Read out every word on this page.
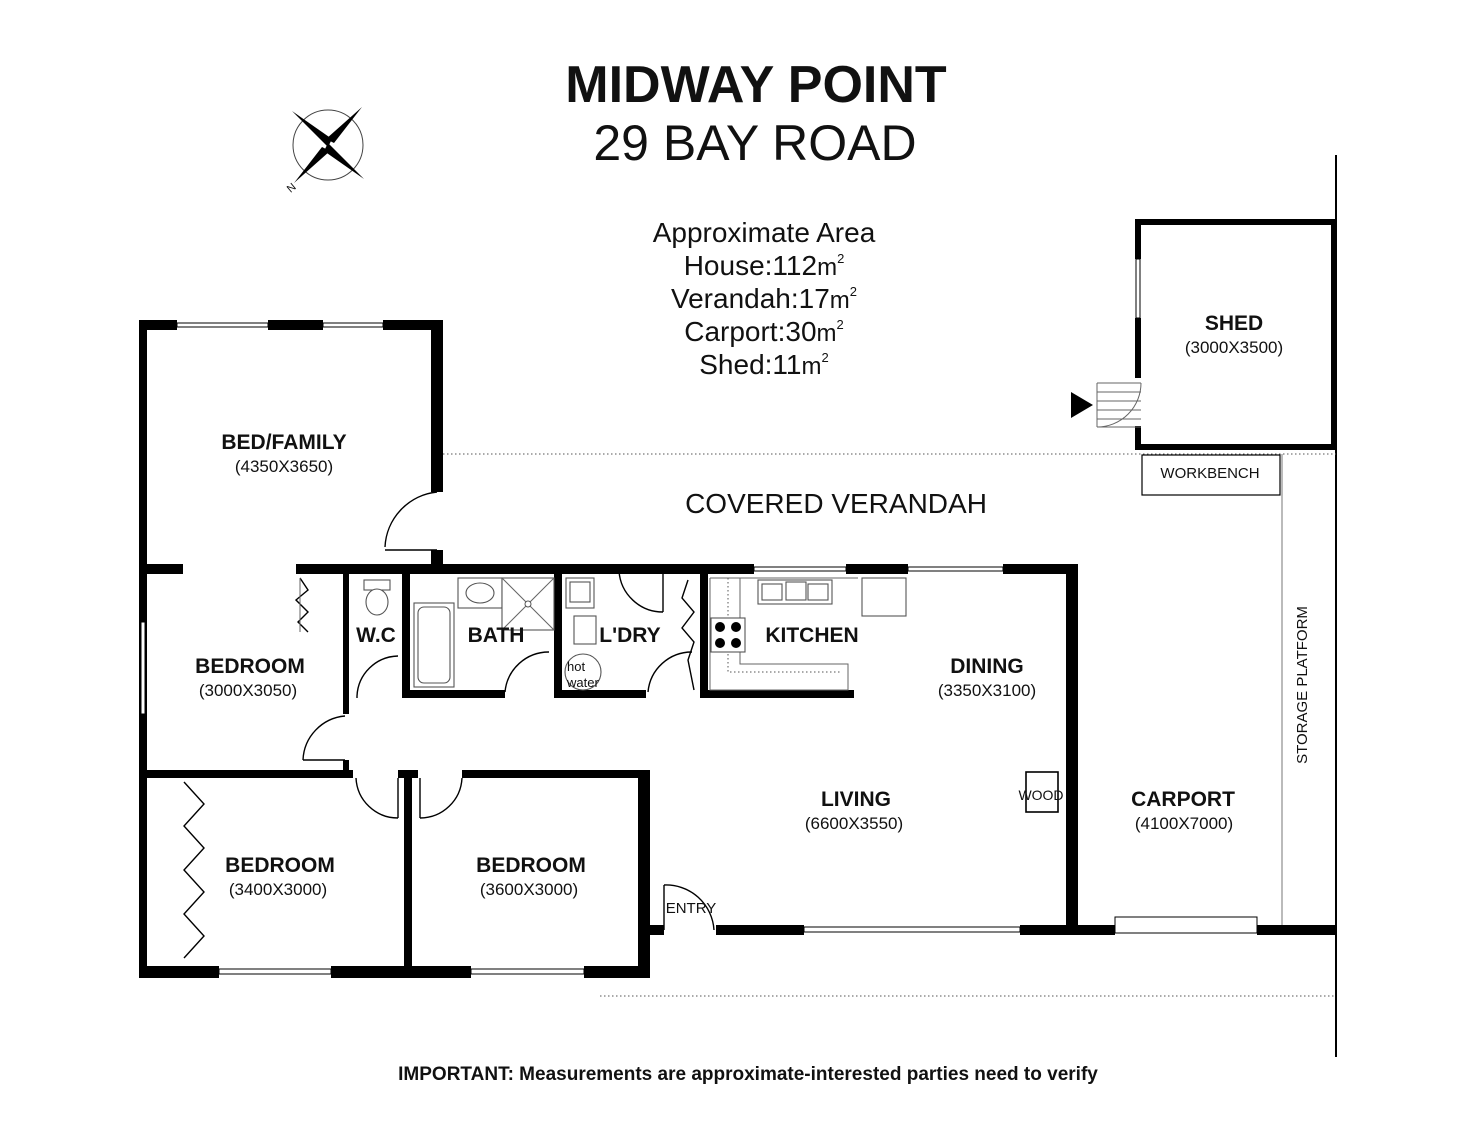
MIDWAY POINT
29 BAY ROAD
N
Approximate Area
$House:112m^2$
$Verandah:17m^2$
$Carport:30m^2$
$Shed:11m^2$
SHED
(3000X3500)
WORKBENCH
STORAGE PLATFORM
COVERED VERANDAH
BED/FAMILY
(4350X3650)
BEDROOM
(3000X3050)
W.C	BATH	L'DRY
hot
water
KITCHEN
DINING
(3350X3100)
LIVING
(6600X3550)
WOOD	CARPORT
(4100X7000)
BEDROOM
(3400X3000)
BEDROOM
(3600X3000)
ENTRY
IMPORTANT: Measurements are approximate-interested parties need to verify
